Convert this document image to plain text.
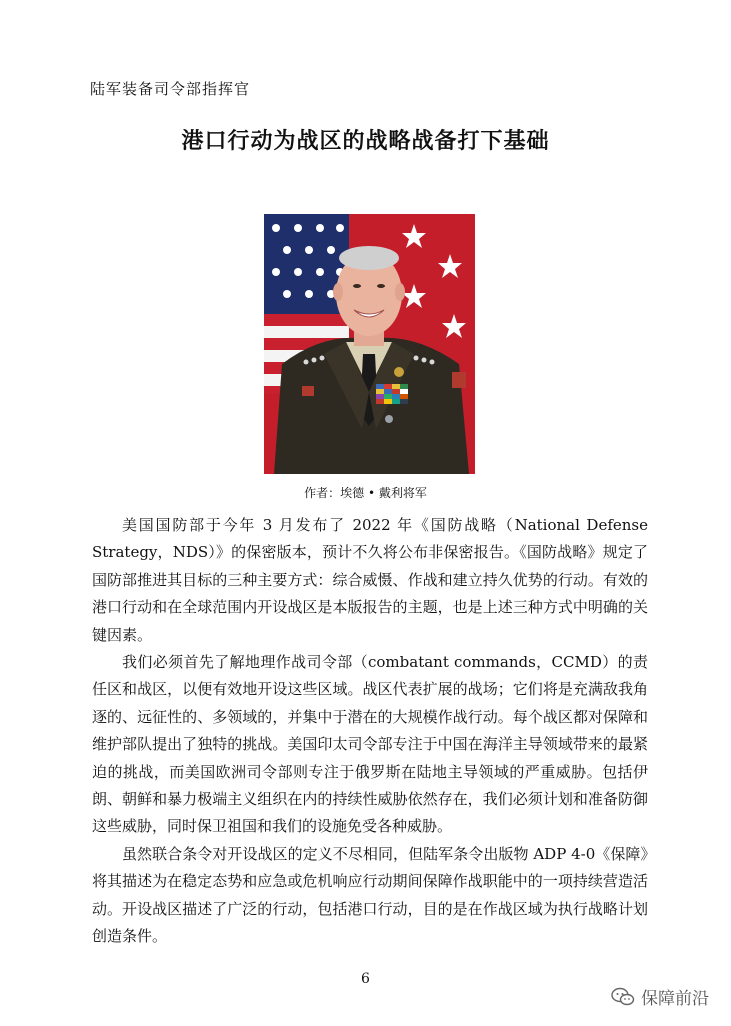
陆军装备司令部指挥官
港口行动为战区的战略战备打下基础
作者：埃德 • 戴利将军

美国国防部于今年 3 月发布了 2022 年《国防战略（National Defense Strategy，NDS）》的保密版本，预计不久将公布非保密报告。《国防战略》规定了国防部推进其目标的三种主要方式：综合威慑、作战和建立持久优势的行动。有效的港口行动和在全球范围内开设战区是本版报告的主题，也是上述三种方式中明确的关键因素。

我们必须首先了解地理作战司令部（combatant commands，CCMD）的责任区和战区，以便有效地开设这些区域。战区代表扩展的战场；它们将是充满敌我角逐的、远征性的、多领域的，并集中于潜在的大规模作战行动。每个战区都对保障和维护部队提出了独特的挑战。美国印太司令部专注于中国在海洋主导领域带来的最紧迫的挑战，而美国欧洲司令部则专注于俄罗斯在陆地主导领域的严重威胁。包括伊朗、朝鲜和暴力极端主义组织在内的持续性威胁依然存在，我们必须计划和准备防御这些威胁，同时保卫祖国和我们的设施免受各种威胁。

虽然联合条令对开设战区的定义不尽相同，但陆军条令出版物 ADP 4-0《保障》将其描述为在稳定态势和应急或危机响应行动期间保障作战职能中的一项持续营造活动。开设战区描述了广泛的行动，包括港口行动，目的是在作战区域为执行战略计划创造条件。

6
保障前沿
